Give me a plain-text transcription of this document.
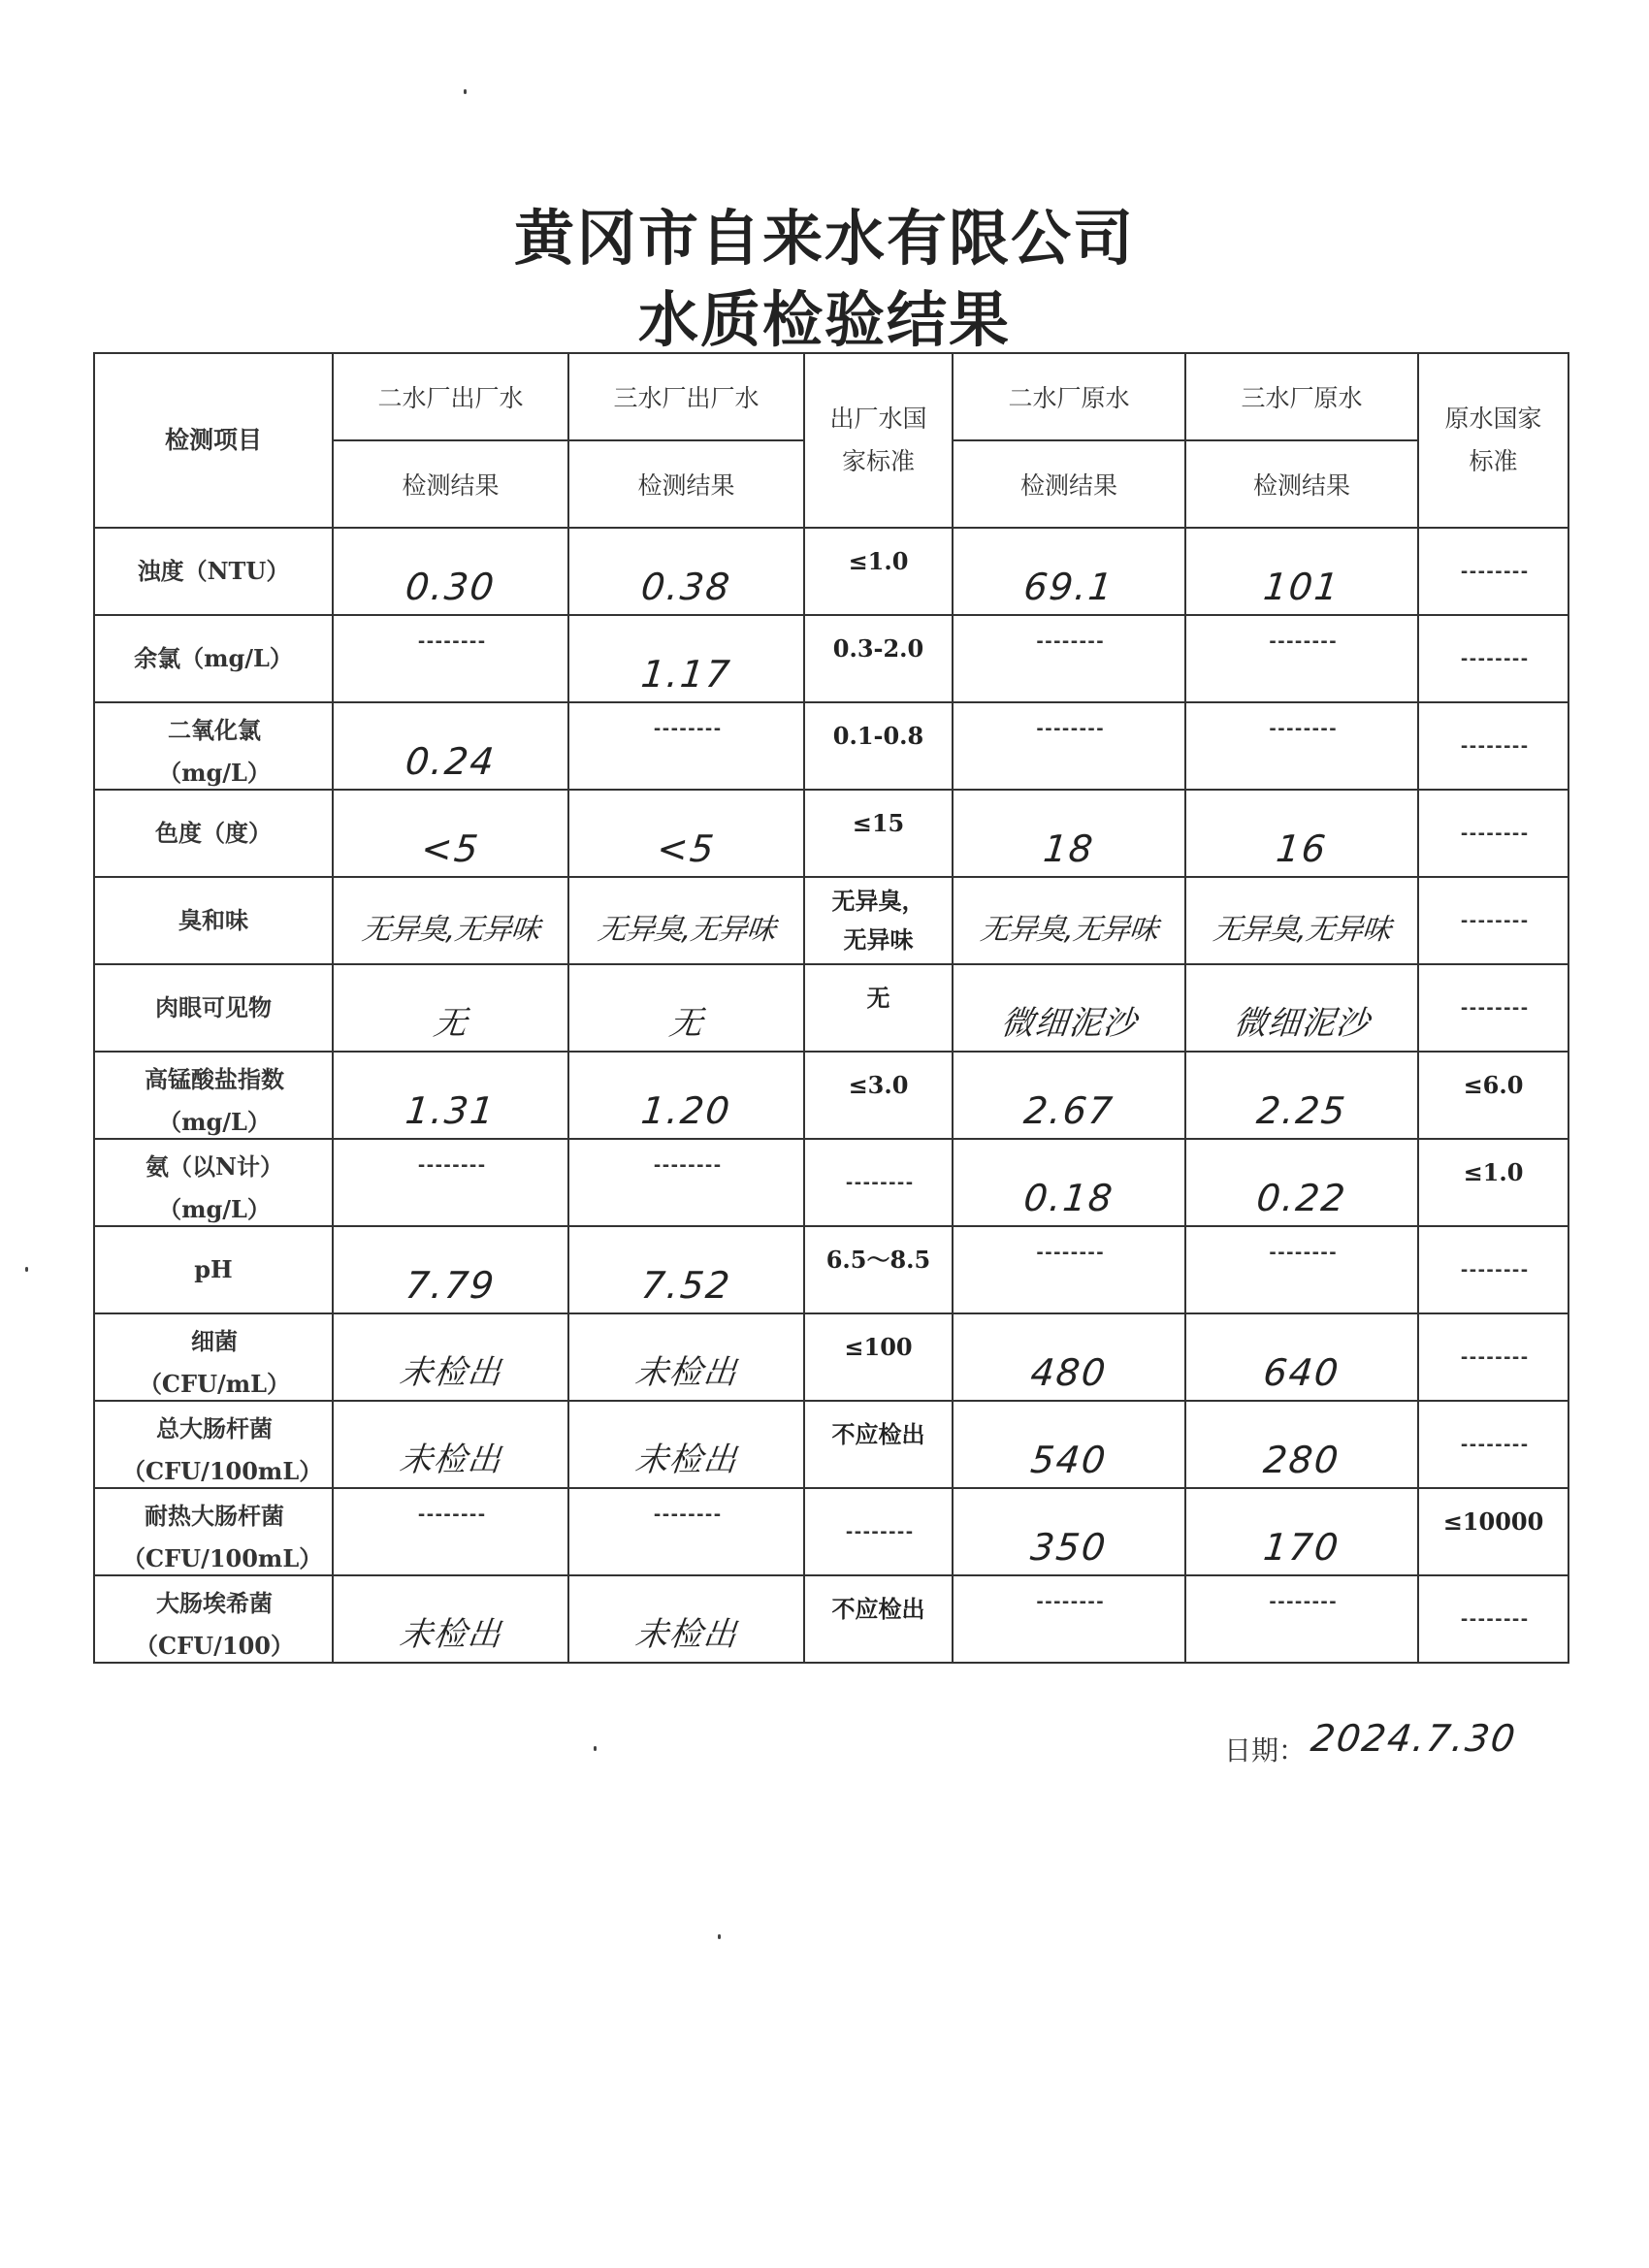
黄冈市自来水有限公司
水质检验结果
检测项目	二水厂出厂水	三水厂出厂水	出厂水国家标准	二水厂原水	三水厂原水	原水国家标准

	检测结果	检测结果		检测结果	检测结果	

浊度（NTU）	0.30	0.38	≤1.0	69.1	101	--------

余氯（mg/L）	--------	1.17	0.3-2.0	--------	--------	--------

二氧化氯（mg/L）	0.24	--------	0.1-0.8	--------	--------	--------

色度（度）	<5	<5	≤15	18	16	--------

臭和味	无异臭,无异味	无异臭,无异味	无异臭，无异味	无异臭,无异味	无异臭,无异味	--------

肉眼可见物	无	无	无	微细泥沙	微细泥沙	--------

高锰酸盐指数（mg/L）	1.31	1.20	≤3.0	2.67	2.25	≤6.0

氨（以N计）（mg/L）	--------	--------	--------	0.18	0.22	≤1.0

pH	7.79	7.52	6.5～8.5	--------	--------	--------

细菌（CFU/mL）	未检出	未检出	≤100	480	640	--------

总大肠杆菌（CFU/100mL）	未检出	未检出	不应检出	540	280	--------

耐热大肠杆菌（CFU/100mL）	--------	--------	--------	350	170	≤10000

大肠埃希菌（CFU/100）	未检出	未检出	不应检出	--------	--------	--------
日期： 2024.7.30
